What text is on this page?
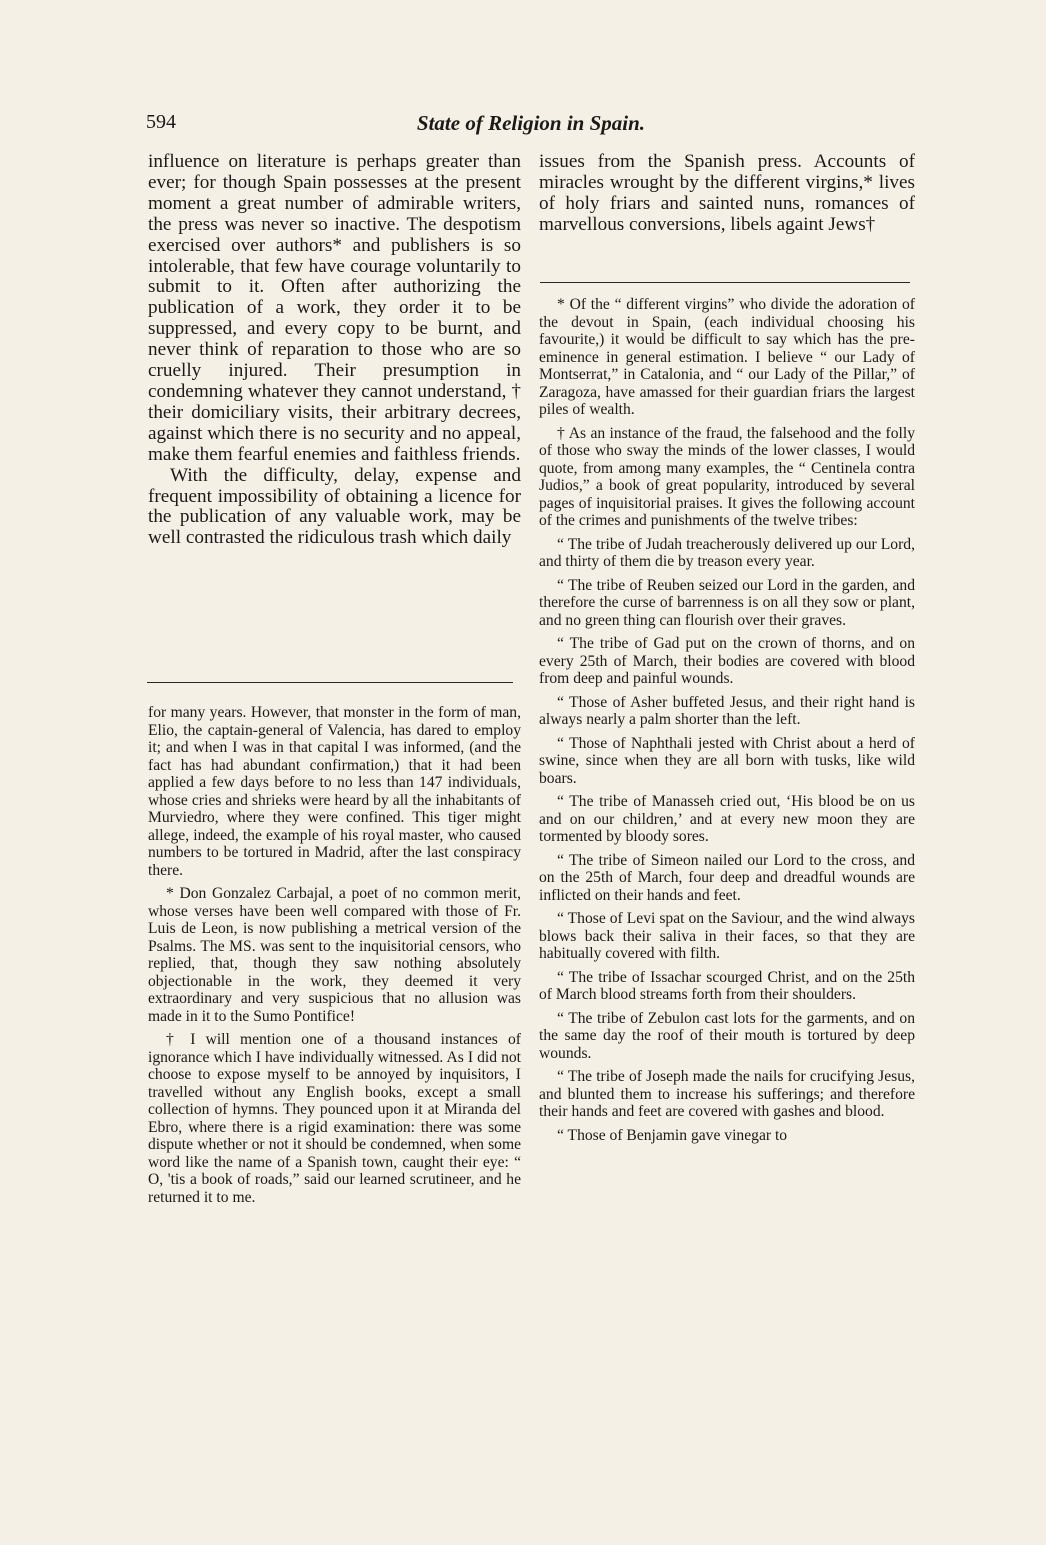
594	State of Religion in Spain.

influence on literature is perhaps greater than ever; for though Spain possesses at the present moment a great number of admirable writers, the press was never so inactive. The despotism exercised over authors* and publishers is so intolerable, that few have courage voluntarily to submit to it. Often after authorizing the publication of a work, they order it to be suppressed, and every copy to be burnt, and never think of reparation to those who are so cruelly injured. Their presumption in condemning whatever they cannot understand, † their domiciliary visits, their arbitrary decrees, against which there is no security and no appeal, make them fearful enemies and faithless friends.

With the difficulty, delay, expense and frequent impossibility of obtaining a licence for the publication of any valuable work, may be well contrasted the ridiculous trash which daily

for many years. However, that monster in the form of man, Elio, the captain-general of Valencia, has dared to employ it; and when I was in that capital I was informed, (and the fact has had abundant confirmation,) that it had been applied a few days before to no less than 147 individuals, whose cries and shrieks were heard by all the inhabitants of Murviedro, where they were confined. This tiger might allege, indeed, the example of his royal master, who caused numbers to be tortured in Madrid, after the last conspiracy there.

* Don Gonzalez Carbajal, a poet of no common merit, whose verses have been well compared with those of Fr. Luis de Leon, is now publishing a metrical version of the Psalms. The MS. was sent to the inquisitorial censors, who replied, that, though they saw nothing absolutely objectionable in the work, they deemed it very extraordinary and very suspicious that no allusion was made in it to the Sumo Pontifice!

† I will mention one of a thousand instances of ignorance which I have individually witnessed. As I did not choose to expose myself to be annoyed by inquisitors, I travelled without any English books, except a small collection of hymns. They pounced upon it at Miranda del Ebro, where there is a rigid examination: there was some dispute whether or not it should be condemned, when some word like the name of a Spanish town, caught their eye: “ O, 'tis a book of roads,” said our learned scrutineer, and he returned it to me.

issues from the Spanish press. Accounts of miracles wrought by the different virgins,* lives of holy friars and sainted nuns, romances of marvellous conversions, libels againt Jews†

* Of the “ different virgins” who divide the adoration of the devout in Spain, (each individual choosing his favourite,) it would be difficult to say which has the pre-eminence in general estimation. I believe “ our Lady of Montserrat,” in Catalonia, and “ our Lady of the Pillar,” of Zaragoza, have amassed for their guardian friars the largest piles of wealth.

† As an instance of the fraud, the falsehood and the folly of those who sway the minds of the lower classes, I would quote, from among many examples, the “ Centinela contra Judios,” a book of great popularity, introduced by several pages of inquisitorial praises. It gives the following account of the crimes and punishments of the twelve tribes:

“ The tribe of Judah treacherously delivered up our Lord, and thirty of them die by treason every year.

“ The tribe of Reuben seized our Lord in the garden, and therefore the curse of barrenness is on all they sow or plant, and no green thing can flourish over their graves.

“ The tribe of Gad put on the crown of thorns, and on every 25th of March, their bodies are covered with blood from deep and painful wounds.

“ Those of Asher buffeted Jesus, and their right hand is always nearly a palm shorter than the left.

“ Those of Naphthali jested with Christ about a herd of swine, since when they are all born with tusks, like wild boars.

“ The tribe of Manasseh cried out, ‘His blood be on us and on our children,’ and at every new moon they are tormented by bloody sores.

“ The tribe of Simeon nailed our Lord to the cross, and on the 25th of March, four deep and dreadful wounds are inflicted on their hands and feet.

“ Those of Levi spat on the Saviour, and the wind always blows back their saliva in their faces, so that they are habitually covered with filth.

“ The tribe of Issachar scourged Christ, and on the 25th of March blood streams forth from their shoulders.

“ The tribe of Zebulon cast lots for the garments, and on the same day the roof of their mouth is tortured by deep wounds.

“ The tribe of Joseph made the nails for crucifying Jesus, and blunted them to increase his sufferings; and therefore their hands and feet are covered with gashes and blood.

“ Those of Benjamin gave vinegar to
